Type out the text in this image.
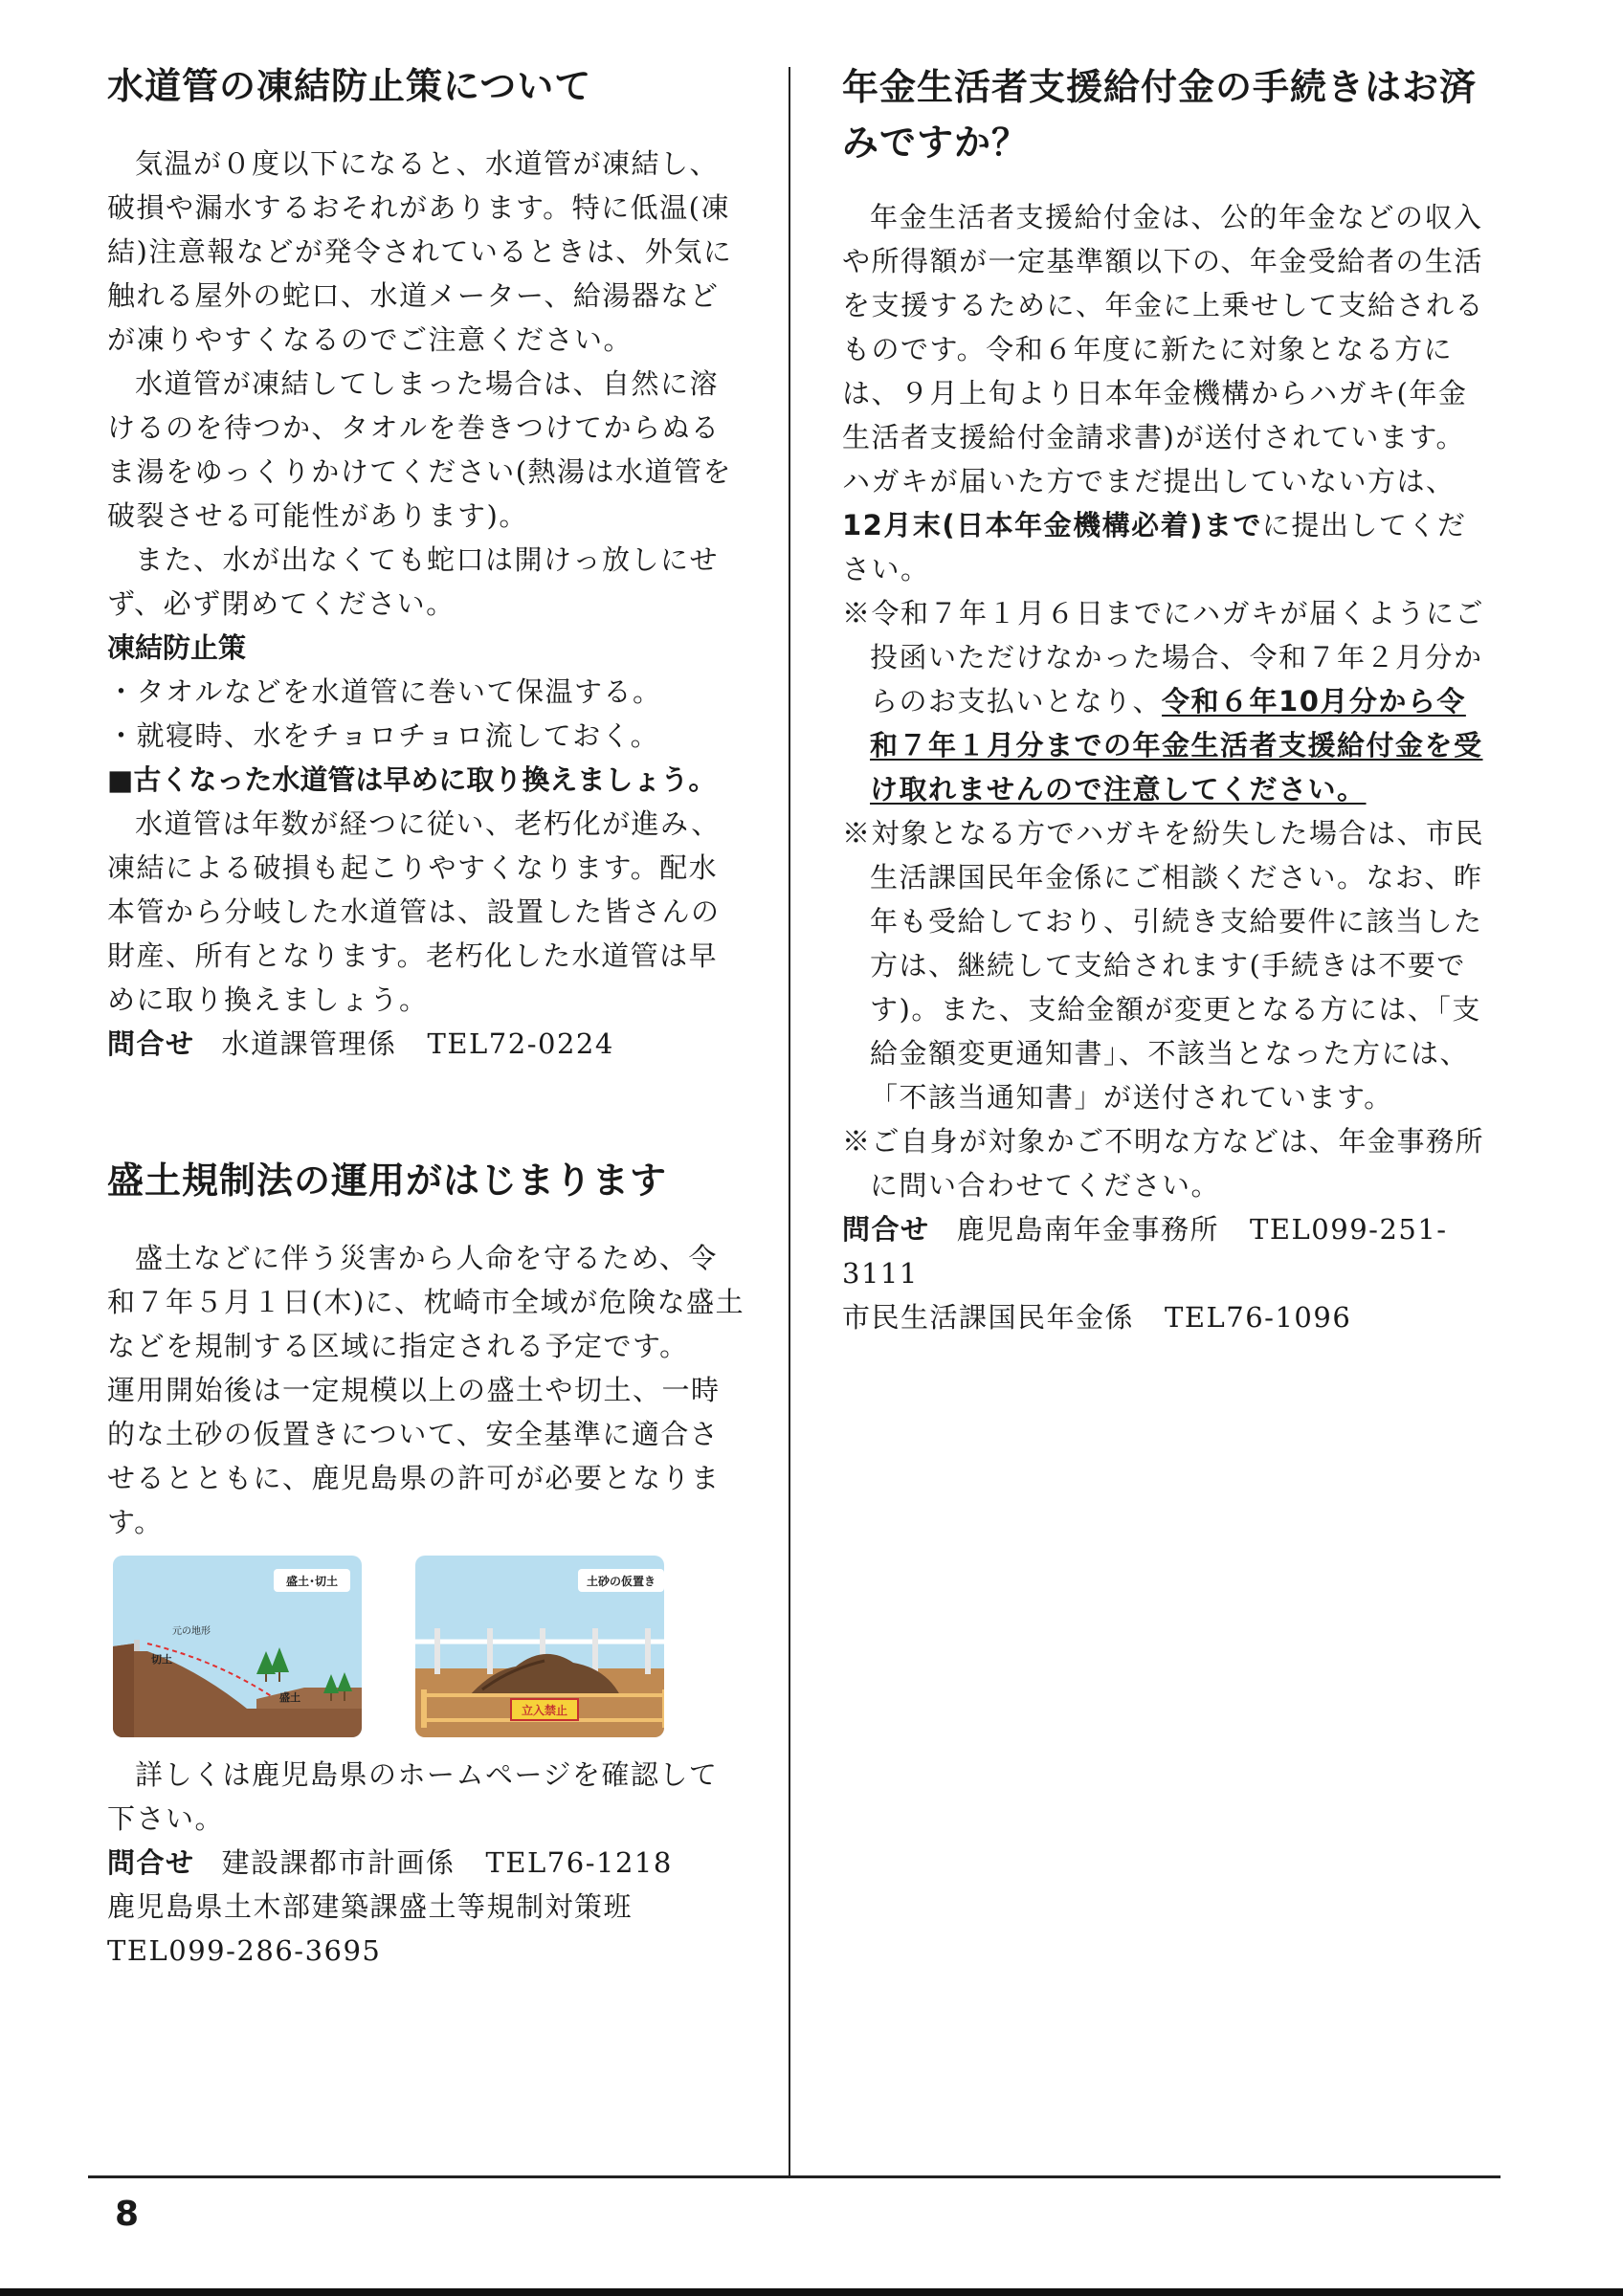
水道管の凍結防止策について

気温が０度以下になると、水道管が凍結し、破損や漏水するおそれがあります。特に低温(凍結)注意報などが発令されているときは、外気に触れる屋外の蛇口、水道メーター、給湯器などが凍りやすくなるのでご注意ください。

水道管が凍結してしまった場合は、自然に溶けるのを待つか、タオルを巻きつけてからぬるま湯をゆっくりかけてください(熱湯は水道管を破裂させる可能性があります)。

また、水が出なくても蛇口は開けっ放しにせず、必ず閉めてください。

凍結防止策

・タオルなどを水道管に巻いて保温する。

・就寝時、水をチョロチョロ流しておく。

■古くなった水道管は早めに取り換えましょう。

水道管は年数が経つに従い、老朽化が進み、凍結による破損も起こりやすくなります。配水本管から分岐した水道管は、設置した皆さんの財産、所有となります。老朽化した水道管は早めに取り換えましょう。

問合せ 水道課管理係 TEL72-0224

盛土規制法の運用がはじまります

盛土などに伴う災害から人命を守るため、令和７年５月１日(木)に、枕崎市全域が危険な盛土などを規制する区域に指定される予定です。

運用開始後は一定規模以上の盛土や切土、一時的な土砂の仮置きについて、安全基準に適合させるとともに、鹿児島県の許可が必要となります。

盛土･切土
元の地形
切土
盛土
立入禁止
土砂の仮置き

詳しくは鹿児島県のホームページを確認して下さい。

問合せ 建設課都市計画係 TEL76-1218

鹿児島県土木部建築課盛土等規制対策班

TEL099-286-3695

年金生活者支援給付金の手続きはお済みですか？

年金生活者支援給付金は、公的年金などの収入や所得額が一定基準額以下の、年金受給者の生活を支援するために、年金に上乗せして支給されるものです。令和６年度に新たに対象となる方には、９月上旬より日本年金機構からハガキ(年金生活者支援給付金請求書)が送付されています。ハガキが届いた方でまだ提出していない方は、12月末(日本年金機構必着)までに提出してください。

※令和７年１月６日までにハガキが届くようにご投函いただけなかった場合、令和７年２月分からのお支払いとなり、令和６年10月分から令和７年１月分までの年金生活者支援給付金を受け取れませんので注意してください。

※対象となる方でハガキを紛失した場合は、市民生活課国民年金係にご相談ください。なお、昨年も受給しており、引続き支給要件に該当した方は、継続して支給されます(手続きは不要です)。また、支給金額が変更となる方には、「支給金額変更通知書」、不該当となった方には、「不該当通知書」が送付されています。

※ご自身が対象かご不明な方などは、年金事務所に問い合わせてください。

問合せ 鹿児島南年金事務所 TEL099-251-3111

市民生活課国民年金係 TEL76-1096

8
